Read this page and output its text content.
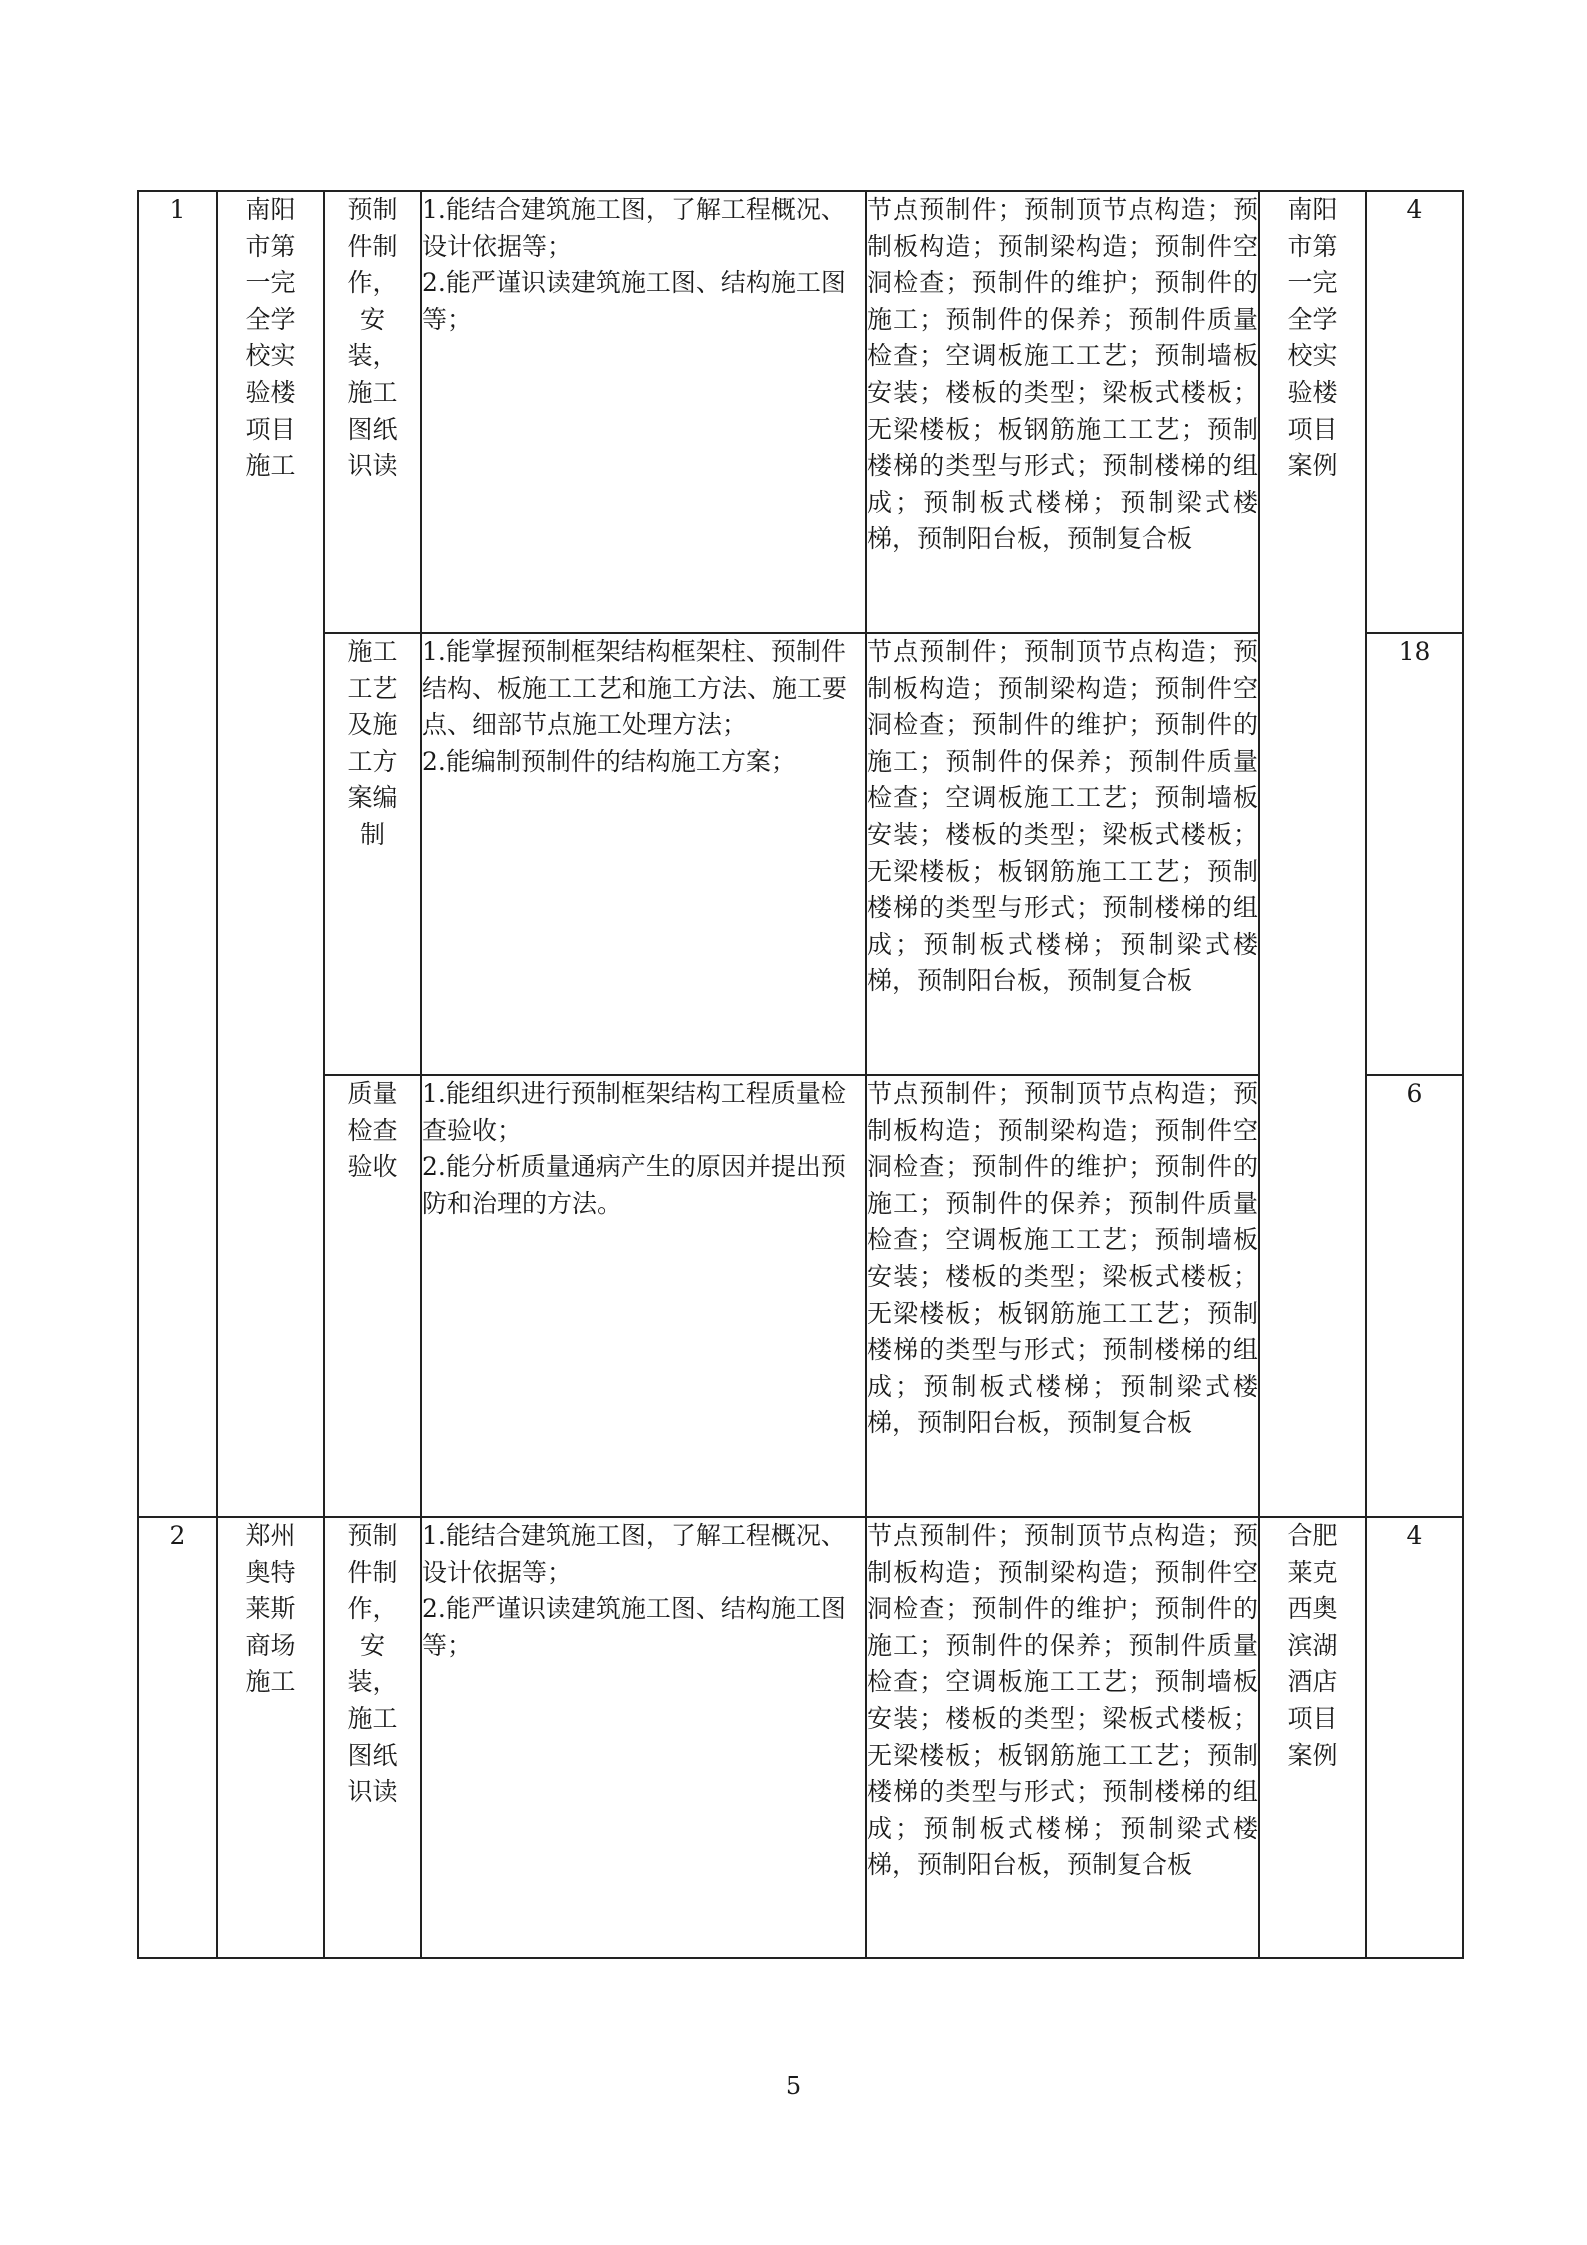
1	南阳市第一完全学校实验楼项目施工	预制件制作，安装，施工图纸识读	1.能结合建筑施工图，了解工程概况、设计依据等；
2.能严谨识读建筑施工图、结构施工图等；	节点预制件；预制顶节点构造；预制板构造；预制梁构造；预制件空洞检查；预制件的维护；预制件的施工；预制件的保养；预制件质量检查；空调板施工工艺；预制墙板安装；楼板的类型；梁板式楼板；无梁楼板；板钢筋施工工艺；预制楼梯的类型与形式；预制楼梯的组成；预制板式楼梯；预制梁式楼梯，预制阳台板，预制复合板	南阳市第一完全学校实验楼项目案例	4
		施工工艺及施工方案编制	1.能掌握预制框架结构框架柱、预制件结构、板施工工艺和施工方法、施工要点、细部节点施工处理方法；
2.能编制预制件的结构施工方案；	节点预制件；预制顶节点构造；预制板构造；预制梁构造；预制件空洞检查；预制件的维护；预制件的施工；预制件的保养；预制件质量检查；空调板施工工艺；预制墙板安装；楼板的类型；梁板式楼板；无梁楼板；板钢筋施工工艺；预制楼梯的类型与形式；预制楼梯的组成；预制板式楼梯；预制梁式楼梯，预制阳台板，预制复合板		18
		质量检查验收	1.能组织进行预制框架结构工程质量检查验收；
2.能分析质量通病产生的原因并提出预防和治理的方法。	节点预制件；预制顶节点构造；预制板构造；预制梁构造；预制件空洞检查；预制件的维护；预制件的施工；预制件的保养；预制件质量检查；空调板施工工艺；预制墙板安装；楼板的类型；梁板式楼板；无梁楼板；板钢筋施工工艺；预制楼梯的类型与形式；预制楼梯的组成；预制板式楼梯；预制梁式楼梯，预制阳台板，预制复合板		6
2	郑州奥特莱斯商场施工	预制件制作，安装，施工图纸识读	1.能结合建筑施工图，了解工程概况、设计依据等；
2.能严谨识读建筑施工图、结构施工图等；	节点预制件；预制顶节点构造；预制板构造；预制梁构造；预制件空洞检查；预制件的维护；预制件的施工；预制件的保养；预制件质量检查；空调板施工工艺；预制墙板安装；楼板的类型；梁板式楼板；无梁楼板；板钢筋施工工艺；预制楼梯的类型与形式；预制楼梯的组成；预制板式楼梯；预制梁式楼梯，预制阳台板，预制复合板	合肥莱克西奥滨湖酒店项目案例	4
5
